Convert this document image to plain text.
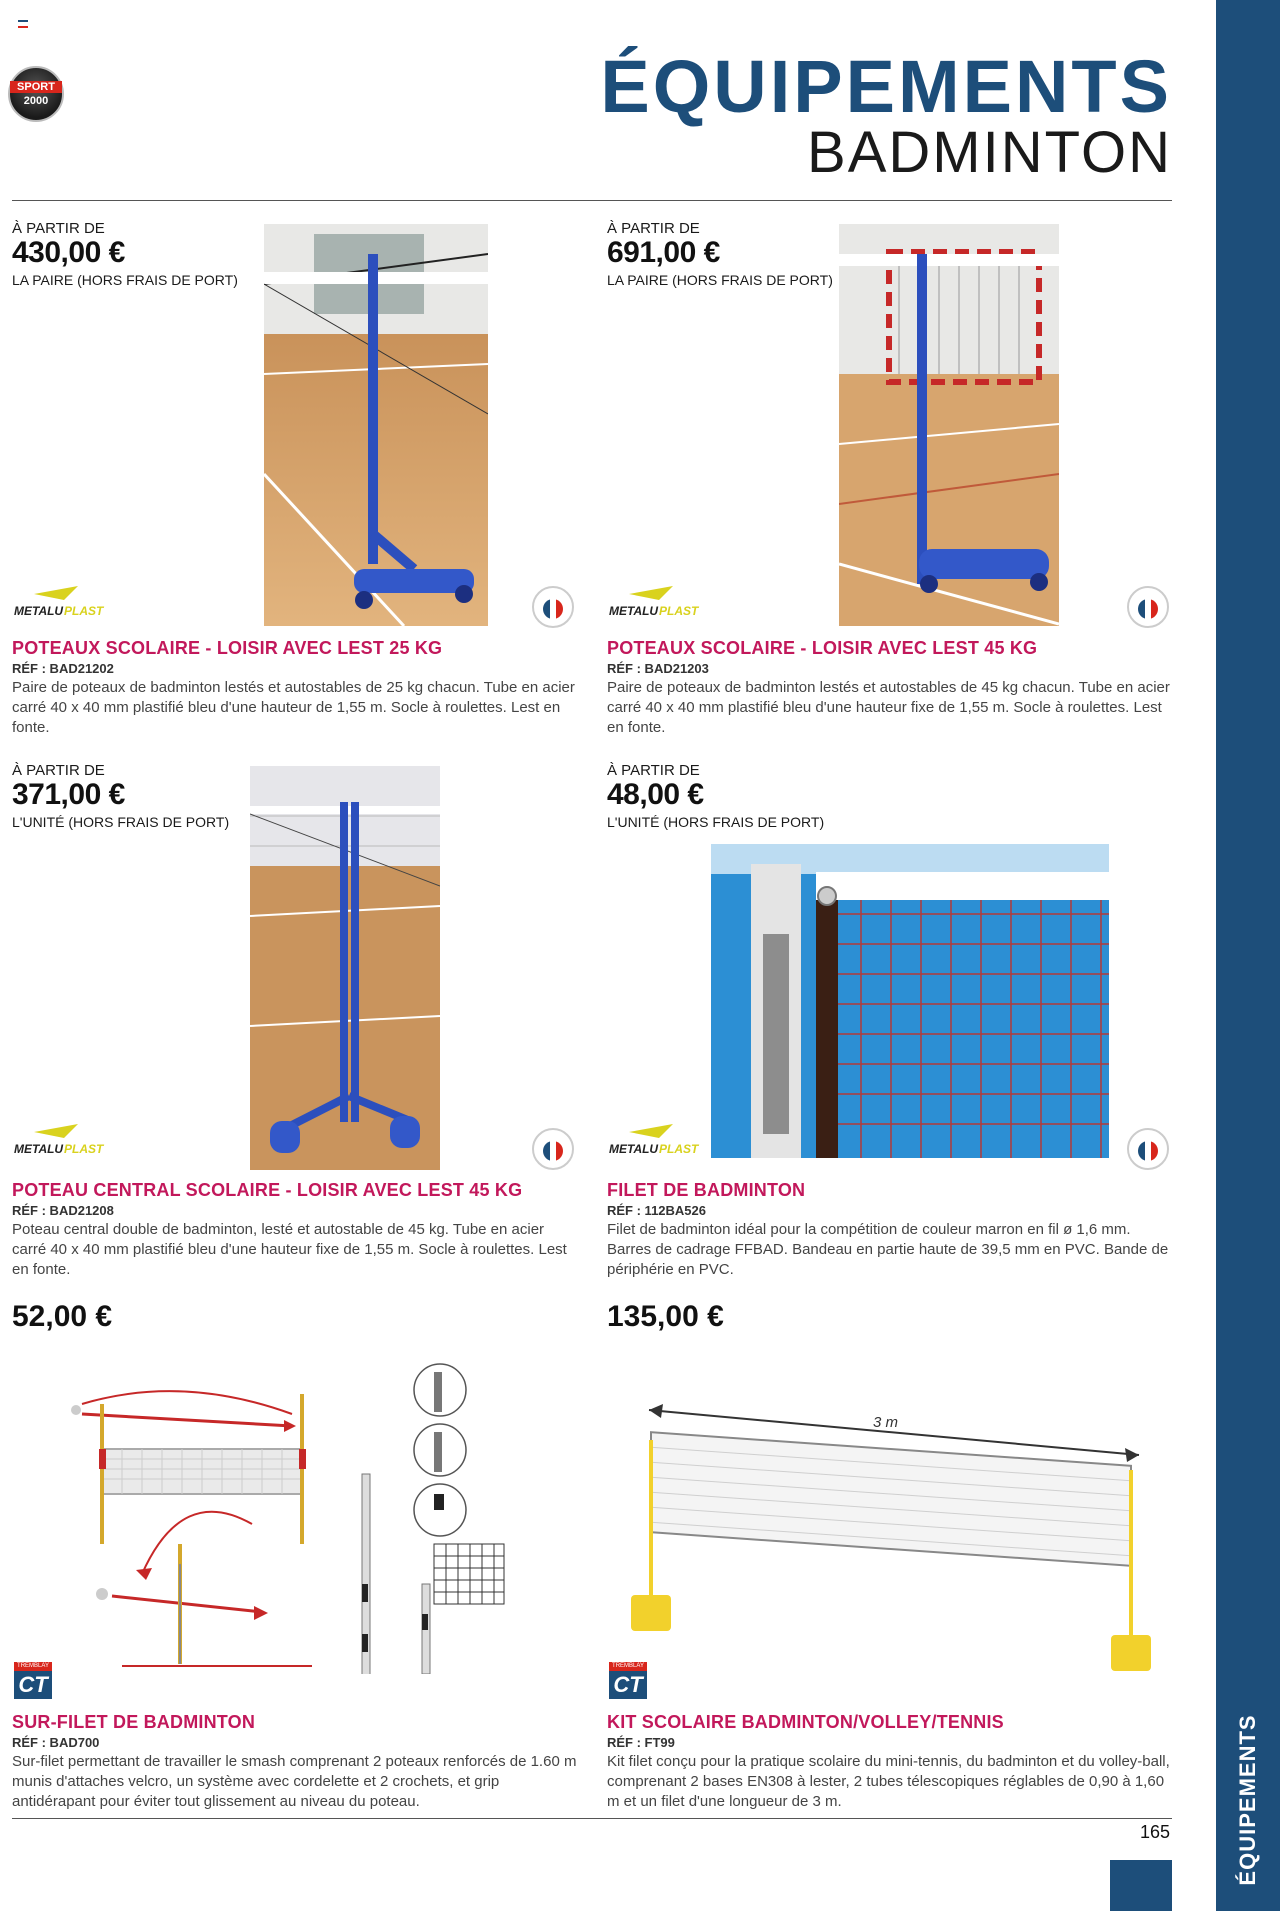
ÉQUIPEMENTS
SPORT
2000	ÉQUIPEMENTS
BADMINTON
À PARTIR DE
430,00 €
LA PAIRE (HORS FRAIS DE PORT)
METALU PLAST
POTEAUX SCOLAIRE - LOISIR AVEC LEST 25 KG
RÉF : BAD21202
Paire de poteaux de badminton lestés et autostables de 25 kg chacun. Tube en acier carré 40 x 40 mm plastifié bleu d'une hauteur de 1,55 m. Socle à roulettes. Lest en fonte.
À PARTIR DE
691,00 €
LA PAIRE (HORS FRAIS DE PORT)
METALU PLAST
POTEAUX SCOLAIRE - LOISIR AVEC LEST 45 KG
RÉF : BAD21203
Paire de poteaux de badminton lestés et autostables de 45 kg chacun. Tube en acier carré 40 x 40 mm plastifié bleu d'une hauteur fixe de 1,55 m. Socle à roulettes. Lest en fonte.
À PARTIR DE
371,00 €
L'UNITÉ (HORS FRAIS DE PORT)
METALU PLAST
POTEAU CENTRAL SCOLAIRE - LOISIR AVEC LEST 45 KG
RÉF : BAD21208
Poteau central double de badminton, lesté et autostable de 45 kg. Tube en acier carré 40 x 40 mm plastifié bleu d'une hauteur fixe de 1,55 m. Socle à roulettes. Lest en fonte.
À PARTIR DE
48,00 €
L'UNITÉ (HORS FRAIS DE PORT)
METALU PLAST
FILET DE BADMINTON
RÉF : 112BA526
Filet de badminton idéal pour la compétition de couleur marron en fil ø 1,6 mm. Barres de cadrage FFBAD. Bandeau en partie haute de 39,5 mm en PVC. Bande de périphérie en PVC.
52,00 €
TREMBLAY
CT
SUR-FILET DE BADMINTON
RÉF : BAD700
Sur-filet permettant de travailler le smash comprenant 2 poteaux renforcés de 1.60 m munis d'attaches velcro, un système avec cordelette et 2 crochets, et grip antidérapant pour éviter tout glissement au niveau du poteau.
135,00 €
3 m
TREMBLAY
CT
KIT SCOLAIRE BADMINTON/VOLLEY/TENNIS
RÉF : FT99
Kit filet conçu pour la pratique scolaire du mini-tennis, du badminton et du volley-ball, comprenant 2 bases EN308 à lester, 2 tubes télescopiques réglables de 0,90 à 1,60 m et un filet d'une longueur de 3 m.
165
